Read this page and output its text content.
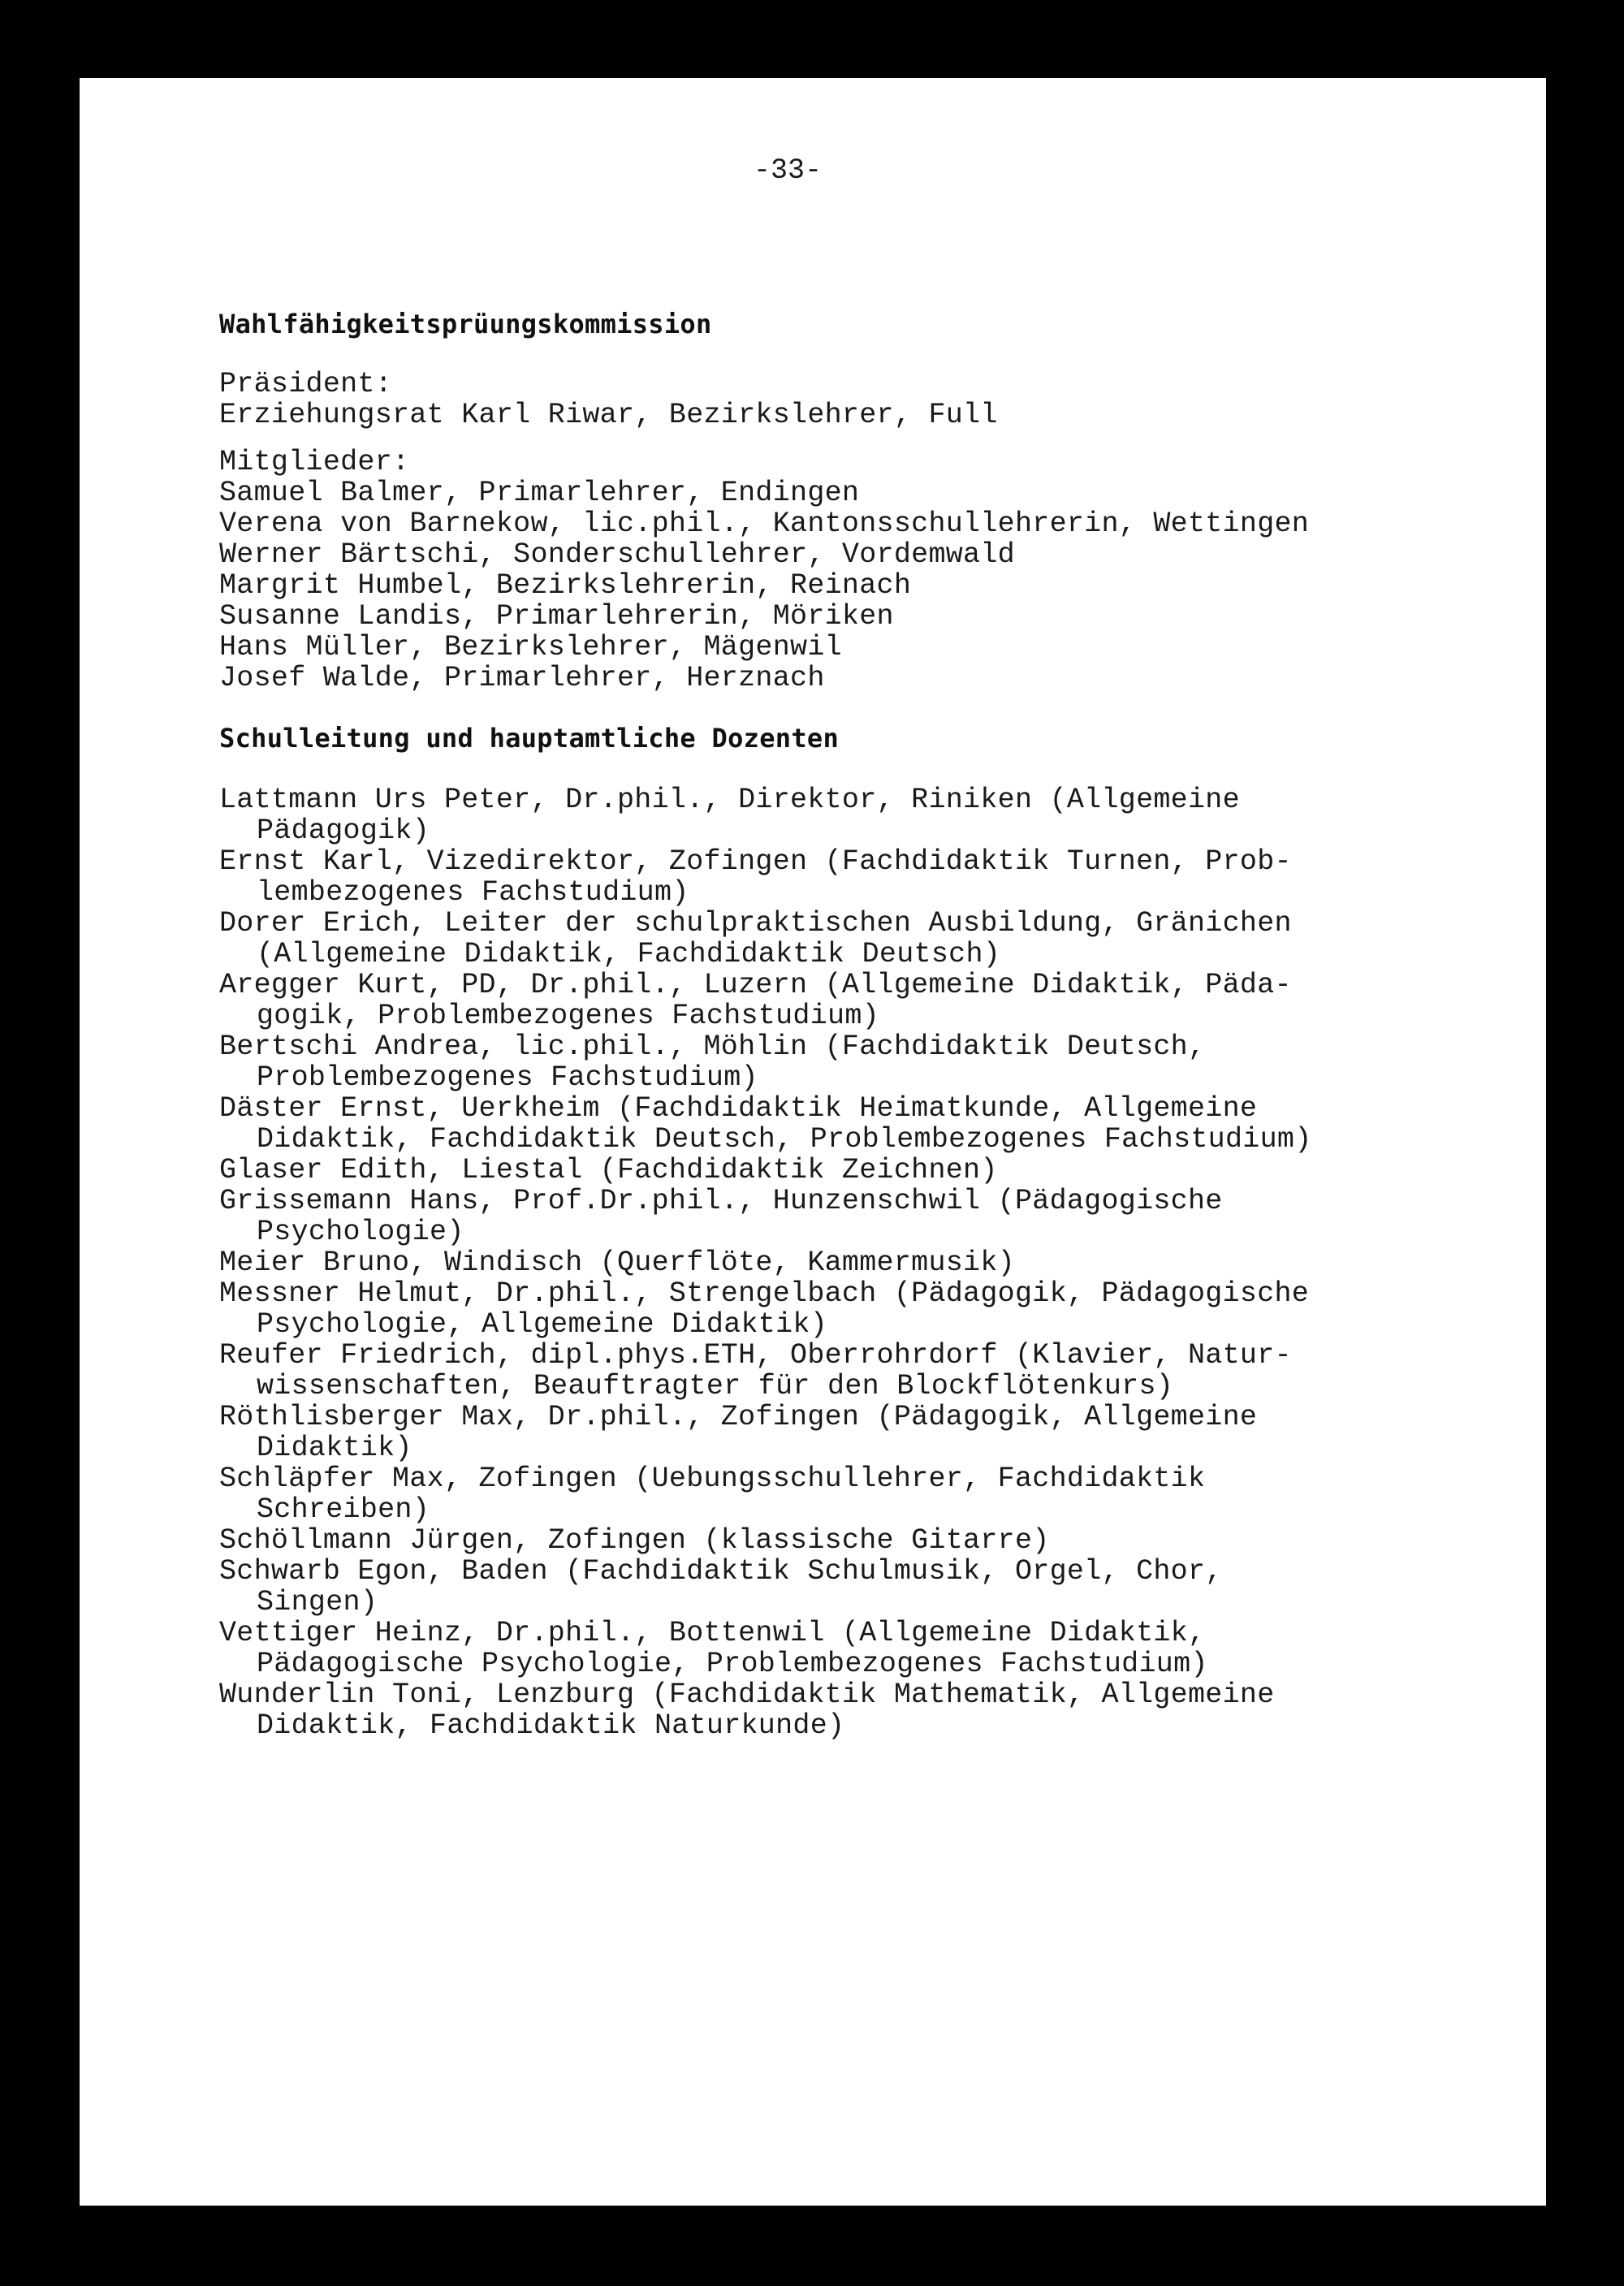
-33-
Wahlfähigkeitsprüungskommission
Präsident:
Erziehungsrat Karl Riwar, Bezirkslehrer, Full
Mitglieder:
Samuel Balmer, Primarlehrer, Endingen
Verena von Barnekow, lic.phil., Kantonsschullehrerin, Wettingen
Werner Bärtschi, Sonderschullehrer, Vordemwald
Margrit Humbel, Bezirkslehrerin, Reinach
Susanne Landis, Primarlehrerin, Möriken
Hans Müller, Bezirkslehrer, Mägenwil
Josef Walde, Primarlehrer, Herznach
Schulleitung und hauptamtliche Dozenten
Lattmann Urs Peter, Dr.phil., Direktor, Riniken (Allgemeine
Pädagogik)
Ernst Karl, Vizedirektor, Zofingen (Fachdidaktik Turnen, Prob-
lembezogenes Fachstudium)
Dorer Erich, Leiter der schulpraktischen Ausbildung, Gränichen
(Allgemeine Didaktik, Fachdidaktik Deutsch)
Aregger Kurt, PD, Dr.phil., Luzern (Allgemeine Didaktik, Päda-
gogik, Problembezogenes Fachstudium)
Bertschi Andrea, lic.phil., Möhlin (Fachdidaktik Deutsch,
Problembezogenes Fachstudium)
Däster Ernst, Uerkheim (Fachdidaktik Heimatkunde, Allgemeine
Didaktik, Fachdidaktik Deutsch, Problembezogenes Fachstudium)
Glaser Edith, Liestal (Fachdidaktik Zeichnen)
Grissemann Hans, Prof.Dr.phil., Hunzenschwil (Pädagogische
Psychologie)
Meier Bruno, Windisch (Querflöte, Kammermusik)
Messner Helmut, Dr.phil., Strengelbach (Pädagogik, Pädagogische
Psychologie, Allgemeine Didaktik)
Reufer Friedrich, dipl.phys.ETH, Oberrohrdorf (Klavier, Natur-
wissenschaften, Beauftragter für den Blockflötenkurs)
Röthlisberger Max, Dr.phil., Zofingen (Pädagogik, Allgemeine
Didaktik)
Schläpfer Max, Zofingen (Uebungsschullehrer, Fachdidaktik
Schreiben)
Schöllmann Jürgen, Zofingen (klassische Gitarre)
Schwarb Egon, Baden (Fachdidaktik Schulmusik, Orgel, Chor,
Singen)
Vettiger Heinz, Dr.phil., Bottenwil (Allgemeine Didaktik,
Pädagogische Psychologie, Problembezogenes Fachstudium)
Wunderlin Toni, Lenzburg (Fachdidaktik Mathematik, Allgemeine
Didaktik, Fachdidaktik Naturkunde)
